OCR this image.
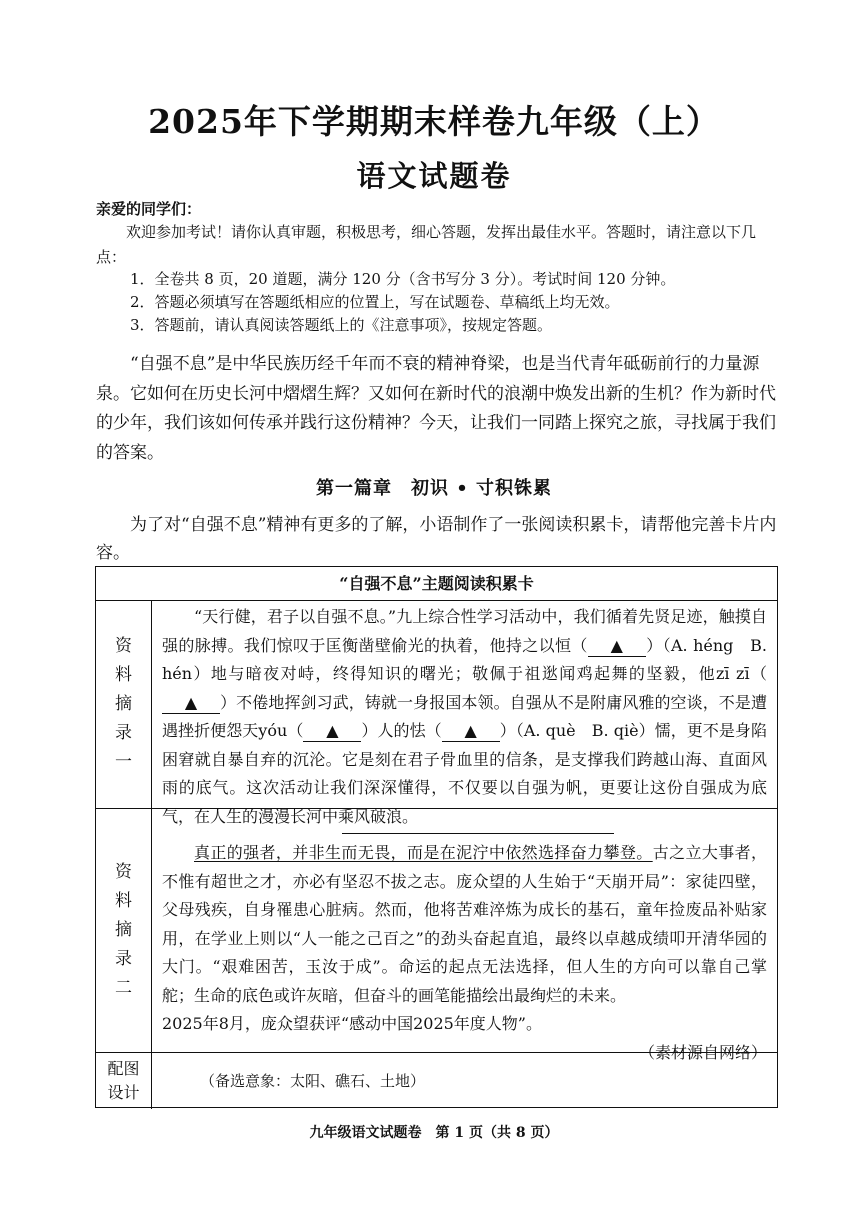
2025年下学期期末样卷九年级（上）
语文试题卷
亲爱的同学们：
欢迎参加考试！请你认真审题，积极思考，细心答题，发挥出最佳水平。答题时，请注意以下几点：
1．全卷共 8 页，20 道题，满分 120 分（含书写分 3 分）。考试时间 120 分钟。
2．答题必须填写在答题纸相应的位置上，写在试题卷、草稿纸上均无效。
3．答题前，请认真阅读答题纸上的《注意事项》，按规定答题。
“自强不息”是中华民族历经千年而不衰的精神脊梁，也是当代青年砥砺前行的力量源泉。它如何在历史长河中熠熠生辉？又如何在新时代的浪潮中焕发出新的生机？作为新时代的少年，我们该如何传承并践行这份精神？今天，让我们一同踏上探究之旅，寻找属于我们的答案。
第一篇章　初识 • 寸积铢累
为了对“自强不息”精神有更多的了解，小语制作了一张阅读积累卡，请帮他完善卡片内容。
“自强不息”主题阅读积累卡
资料摘录一
“天行健，君子以自强不息。”九上综合性学习活动中，我们循着先贤足迹，触摸自强的脉搏。我们惊叹于匡衡凿壁偷光的执着，他持之以恒（ ▲ ）（A. héng　B. hén）地与暗夜对峙，终得知识的曙光；敬佩于祖逖闻鸡起舞的坚毅，他zī zī（▲ ）不倦地挥剑习武，铸就一身报国本领。自强从不是附庸风雅的空谈，不是遭遇挫折便怨天yóu（ ▲ ）人的怯（ ▲ ）（A. què　B. qiè）懦，更不是身陷困窘就自暴自弃的沉沦。它是刻在君子骨血里的信条，是支撑我们跨越山海、直面风雨的底气。这次活动让我们深深懂得，不仅要以自强为帆，更要让这份自强成为底气，在人生的漫漫长河中乘风破浪。
资料摘录二
真正的强者，并非生而无畏，而是在泥泞中依然选择奋力攀登。古之立大事者，不惟有超世之才，亦必有坚忍不拔之志。庞众望的人生始于“天崩开局”：家徒四壁，父母残疾，自身罹患心脏病。然而，他将苦难淬炼为成长的基石，童年捡废品补贴家用，在学业上则以“人一能之己百之”的劲头奋起直追，最终以卓越成绩叩开清华园的大门。“艰难困苦，玉汝于成”。命运的起点无法选择，但人生的方向可以靠自己掌舵；生命的底色或许灰暗，但奋斗的画笔能描绘出最绚烂的未来。
2025年8月，庞众望获评“感动中国2025年度人物”。
（素材源自网络）
配图设计
（备选意象：太阳、礁石、土地）
九年级语文试题卷　第 1 页（共 8 页）
